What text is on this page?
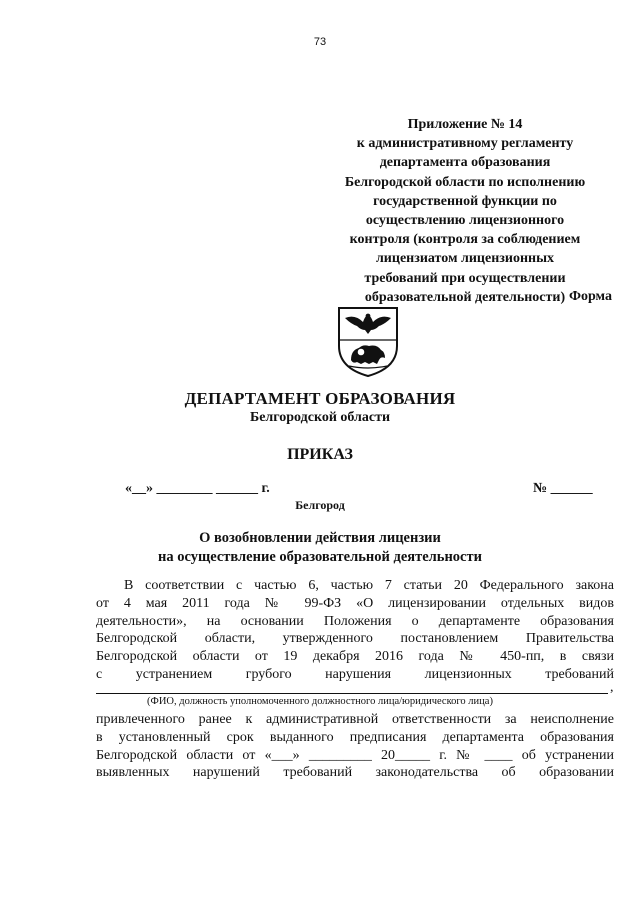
73
Приложение № 14
к административному регламенту
департамента образования
Белгородской области по исполнению
государственной функции по
осуществлению лицензионного
контроля (контроля за соблюдением
лицензиатом лицензионных
требований при осуществлении
образовательной деятельности) Форма
ДЕПАРТАМЕНТ ОБРАЗОВАНИЯ
Белгородской области
ПРИКАЗ
«__» ________ ______ г.	№ ______
Белгород
О возобновлении действия лицензии
на осуществление образовательной деятельности
В соответствии с частью 6, частью 7 статьи 20 Федерального закона
от 4 мая 2011 года № 99-ФЗ «О лицензировании отдельных видов
деятельности», на основании Положения о департаменте образования
Белгородской области, утвержденного постановлением Правительства
Белгородской области от 19 декабря 2016 года № 450-пп, в связи
с устранением грубого нарушения лицензионных требований
,
(ФИО, должность уполномоченного должностного лица/юридического лица)
привлеченного ранее к административной ответственности за неисполнение
в установленный срок выданного предписания департамента образования
Белгородской области от «___» _________ 20_____ г. № ____ об устранении
выявленных нарушений требований законодательства об образовании
